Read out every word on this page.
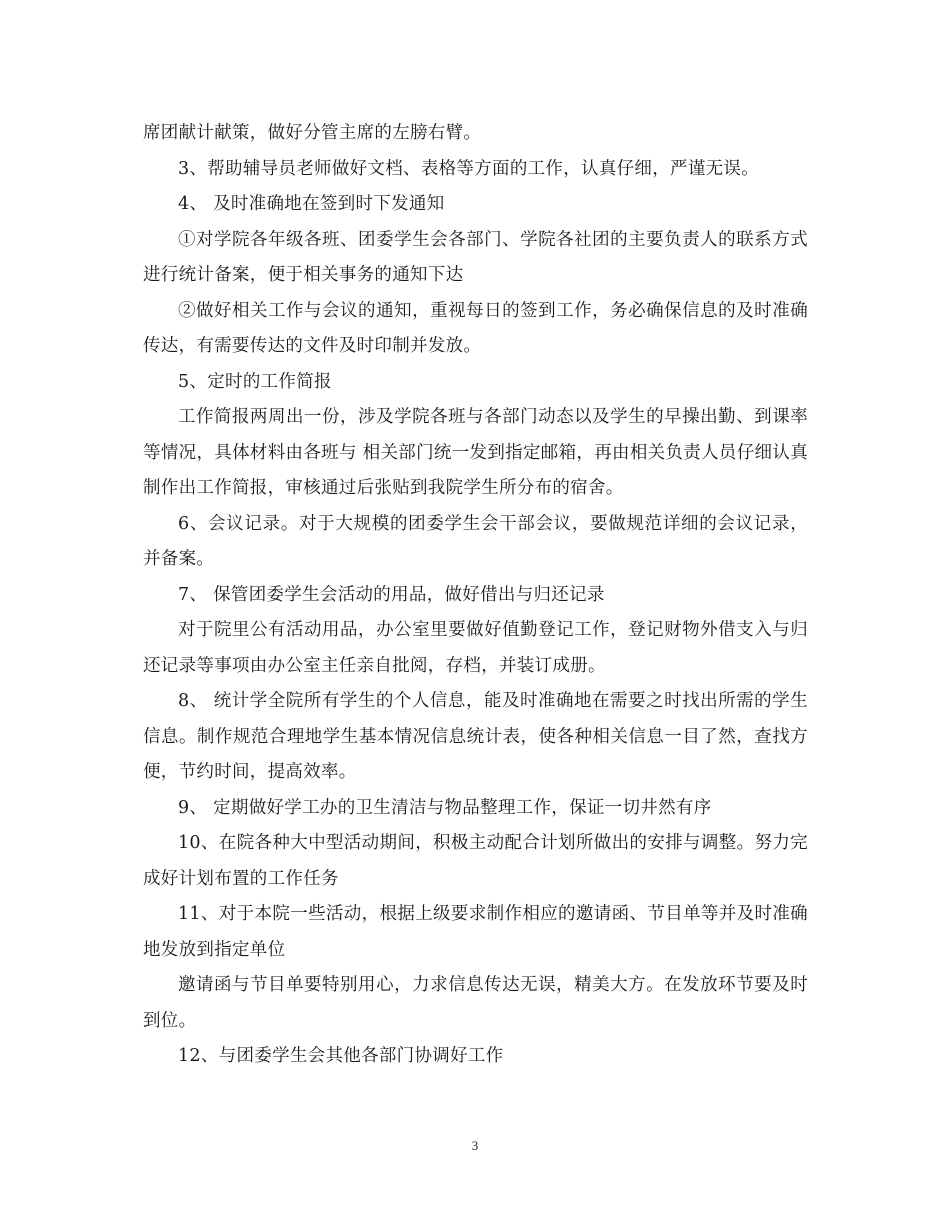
席团献计献策，做好分管主席的左膀右臂。

3、帮助辅导员老师做好文档、表格等方面的工作，认真仔细，严谨无误。

4、 及时准确地在签到时下发通知

①对学院各年级各班、团委学生会各部门、学院各社团的主要负责人的联系方式进行统计备案，便于相关事务的通知下达

②做好相关工作与会议的通知，重视每日的签到工作，务必确保信息的及时准确传达，有需要传达的文件及时印制并发放。

5、定时的工作简报

工作简报两周出一份，涉及学院各班与各部门动态以及学生的早操出勤、到课率等情况，具体材料由各班与 相关部门统一发到指定邮箱，再由相关负责人员仔细认真制作出工作简报，审核通过后张贴到我院学生所分布的宿舍。

6、会议记录。对于大规模的团委学生会干部会议，要做规范详细的会议记录，并备案。

7、 保管团委学生会活动的用品，做好借出与归还记录

对于院里公有活动用品，办公室里要做好值勤登记工作，登记财物外借支入与归还记录等事项由办公室主任亲自批阅，存档，并装订成册。

8、 统计学全院所有学生的个人信息，能及时准确地在需要之时找出所需的学生信息。制作规范合理地学生基本情况信息统计表，使各种相关信息一目了然，查找方便，节约时间，提高效率。

9、 定期做好学工办的卫生清洁与物品整理工作，保证一切井然有序

10、在院各种大中型活动期间，积极主动配合计划所做出的安排与调整。努力完成好计划布置的工作任务

11、对于本院一些活动，根据上级要求制作相应的邀请函、节目单等并及时准确地发放到指定单位

邀请函与节目单要特别用心，力求信息传达无误，精美大方。在发放环节要及时到位。

12、与团委学生会其他各部门协调好工作

3
